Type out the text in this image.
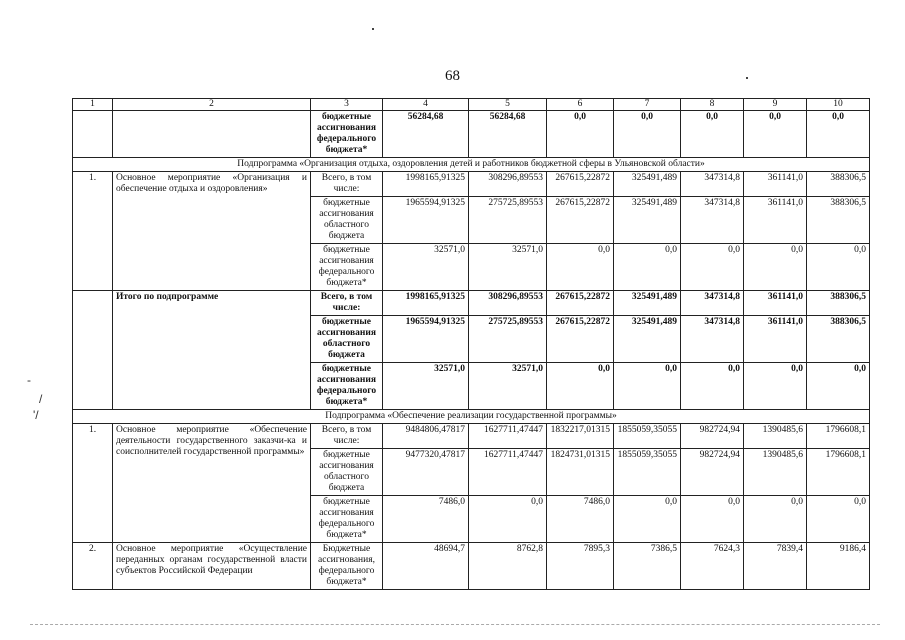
68
-
/
'/
1	2	3	4	5	6	7	8	9	10
		бюджетные ассигнования федерального бюджета*	56284,68	56284,68	0,0	0,0	0,0	0,0	0,0
Подпрограмма «Организация отдыха, оздоровления детей и работников бюджетной сферы в Ульяновской области»									
1.	Основное мероприятие «Организация и обеспечение отдыха и оздоровления»	Всего, в том числе:	1998165,91325	308296,89553	267615,22872	325491,489	347314,8	361141,0	388306,5
		бюджетные ассигнования областного бюджета	1965594,91325	275725,89553	267615,22872	325491,489	347314,8	361141,0	388306,5
		бюджетные ассигнования федерального бюджета*	32571,0	32571,0	0,0	0,0	0,0	0,0	0,0
	Итого по подпрограмме	Всего, в том числе:	1998165,91325	308296,89553	267615,22872	325491,489	347314,8	361141,0	388306,5
		бюджетные ассигнования областного бюджета	1965594,91325	275725,89553	267615,22872	325491,489	347314,8	361141,0	388306,5
		бюджетные ассигнования федерального бюджета*	32571,0	32571,0	0,0	0,0	0,0	0,0	0,0
Подпрограмма «Обеспечение реализации государственной программы»									
1.	Основное мероприятие «Обеспечение деятельности государственного заказчи-ка и соисполнителей государственной программы»	Всего, в том числе:	9484806,47817	1627711,47447	1832217,01315	1855059,35055	982724,94	1390485,6	1796608,1
		бюджетные ассигнования областного бюджета	9477320,47817	1627711,47447	1824731,01315	1855059,35055	982724,94	1390485,6	1796608,1
		бюджетные ассигнования федерального бюджета*	7486,0	0,0	7486,0	0,0	0,0	0,0	0,0
2.	Основное мероприятие «Осуществление переданных органам государственной власти субъектов Российской Федерации	Бюджетные ассигнования, федерального бюджета*	48694,7	8762,8	7895,3	7386,5	7624,3	7839,4	9186,4
